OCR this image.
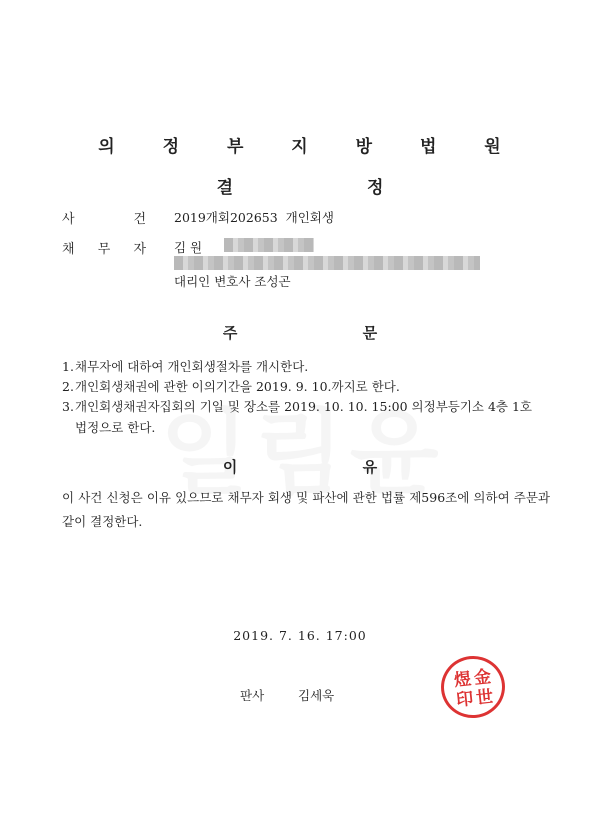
의 정 부 지 방 법 원
결 정
사	건 2019개회202653 개인회생
채 무 자 김 원
대리인 변호사 조성곤
주 문
1. 채무자에 대하여 개인회생절차를 개시한다.
2. 개인회생채권에 관한 이의기간을 2019. 9. 10.까지로 한다.
3. 개인회생채권자집회의 기일 및 장소를 2019. 10. 10. 15:00 의정부등기소 4층 1호 법정으로 한다.
이 유
이 사건 신청은 이유 있으므로 채무자 회생 및 파산에 관한 법률 제596조에 의하여 주문과 같이 결정한다.
2019. 7. 16. 17:00
판사	김세욱
金
世
煜
印
